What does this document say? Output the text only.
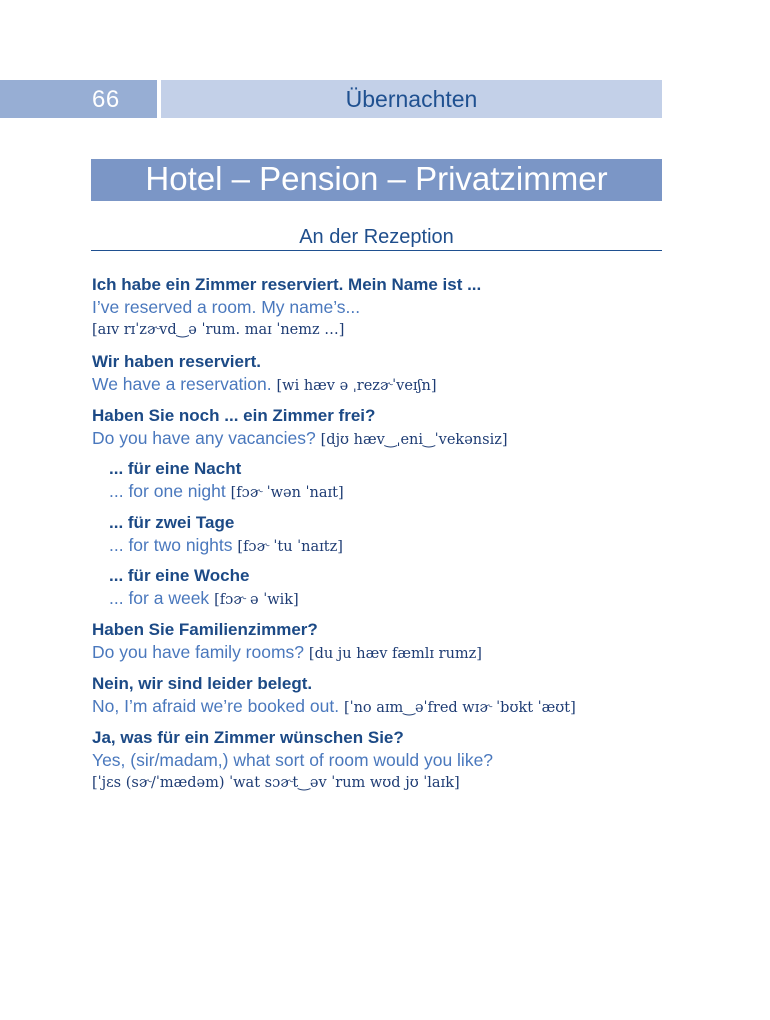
66	Übernachten
Hotel – Pension – Privatzimmer
An der Rezeption
Ich habe ein Zimmer reserviert. Mein Name ist ...
I’ve reserved a room. My name’s...
[aɪv rɪˈzɚvd‿ə ˈrum. maɪ ˈnemz …]
Wir haben reserviert.
We have a reservation. [wi hæv ə ˌrezɚˈveɪʃn]
Haben Sie noch ... ein Zimmer frei?
Do you have any vacancies? [djʊ hæv‿ˌeni‿ˈvekənsiz]
... für eine Nacht
... for one night [fɔɚ ˈwən ˈnaɪt]
... für zwei Tage
... for two nights [fɔɚ ˈtu ˈnaɪtz]
... für eine Woche
... for a week [fɔɚ ə ˈwik]
Haben Sie Familienzimmer?
Do you have family rooms? [du ju hæv fæmlɪ rumz]
Nein, wir sind leider belegt.
No, I’m afraid we’re booked out. [ˈno aɪm‿əˈfred wɪɚ ˈbʊkt ˈæʊt]
Ja, was für ein Zimmer wünschen Sie?
Yes, (sir/madam,) what sort of room would you like?
[ˈjɛs (sɚ/ˈmædəm) ˈwat sɔɚt‿əv ˈrum wʊd jʊ ˈlaɪk]
